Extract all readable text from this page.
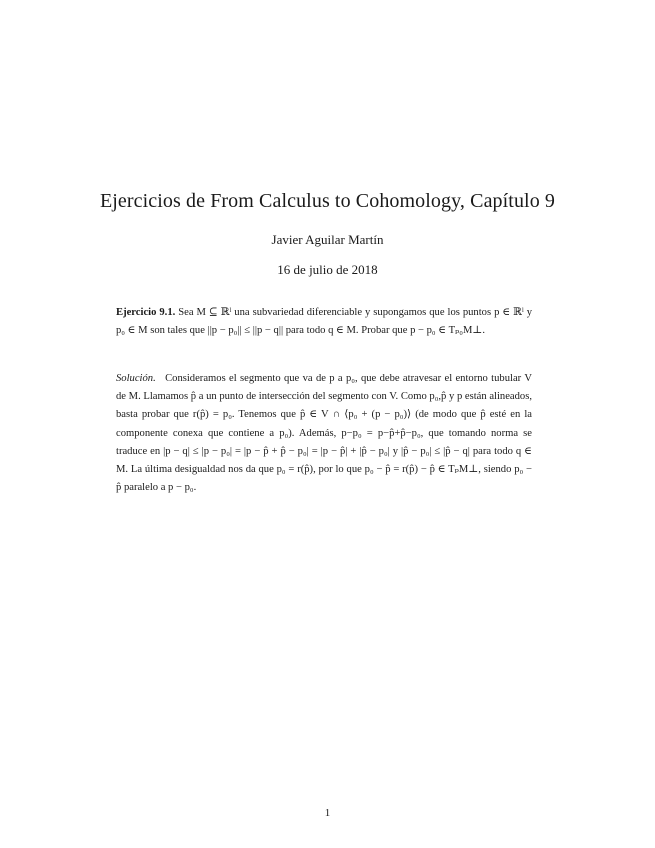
Ejercicios de From Calculus to Cohomology, Capítulo 9
Javier Aguilar Martín
16 de julio de 2018
Ejercicio 9.1. Sea M ⊆ ℝˡ una subvariedad diferenciable y supongamos que los puntos p ∈ ℝˡ y p₀ ∈ M son tales que ||p − p₀|| ≤ ||p − q|| para todo q ∈ M. Probar que p − p₀ ∈ Tₚ₀M⊥.
Solución. Consideramos el segmento que va de p a p₀, que debe atravesar el entorno tubular V de M. Llamamos p̂ a un punto de intersección del segmento con V. Como p₀,p̂ y p están alineados, basta probar que r(p̂) = p₀. Tenemos que p̂ ∈ V ∩ ⟨p₀ + (p − p₀)⟩ (de modo que p̂ esté en la componente conexa que contiene a p₀). Además, p−p₀ = p−p̂+p̂−p₀, que tomando norma se traduce en |p − q| ≤ |p − p₀| = |p − p̂ + p̂ − p₀| = |p − p̂| + |p̂ − p₀| y |p̂ − p₀| ≤ |p̂ − q| para todo q ∈ M. La última desigualdad nos da que p₀ = r(p̂), por lo que p₀ − p̂ = r(p̂) − p̂ ∈ TₚM⊥, siendo p₀ − p̂ paralelo a p − p₀.
1
